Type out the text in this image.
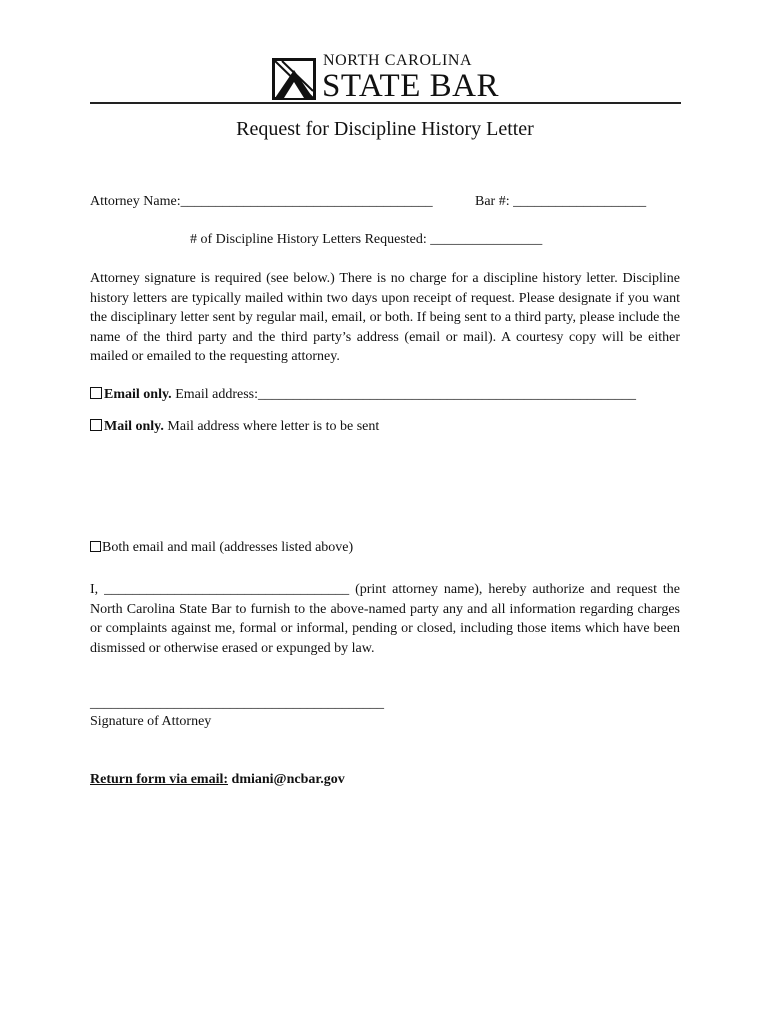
NORTH CAROLINA
STATE BAR
Request for Discipline History Letter
Attorney Name:____________________________________	Bar #: ___________________
# of Discipline History Letters Requested: ________________
Attorney signature is required (see below.) There is no charge for a discipline history letter. Discipline history letters are typically mailed within two days upon receipt of request. Please designate if you want the disciplinary letter sent by regular mail, email, or both. If being sent to a third party, please include the name of the third party and the third party’s address (email or mail). A courtesy copy will be either mailed or emailed to the requesting attorney.
Email only. Email address:______________________________________________________
Mail only. Mail address where letter is to be sent
Both email and mail (addresses listed above)
I, ___________________________________ (print attorney name), hereby authorize and request the North Carolina State Bar to furnish to the above-named party any and all information regarding charges or complaints against me, formal or informal, pending or closed, including those items which have been dismissed or otherwise erased or expunged by law.
__________________________________________
Signature of Attorney
Return form via email: dmiani@ncbar.gov
